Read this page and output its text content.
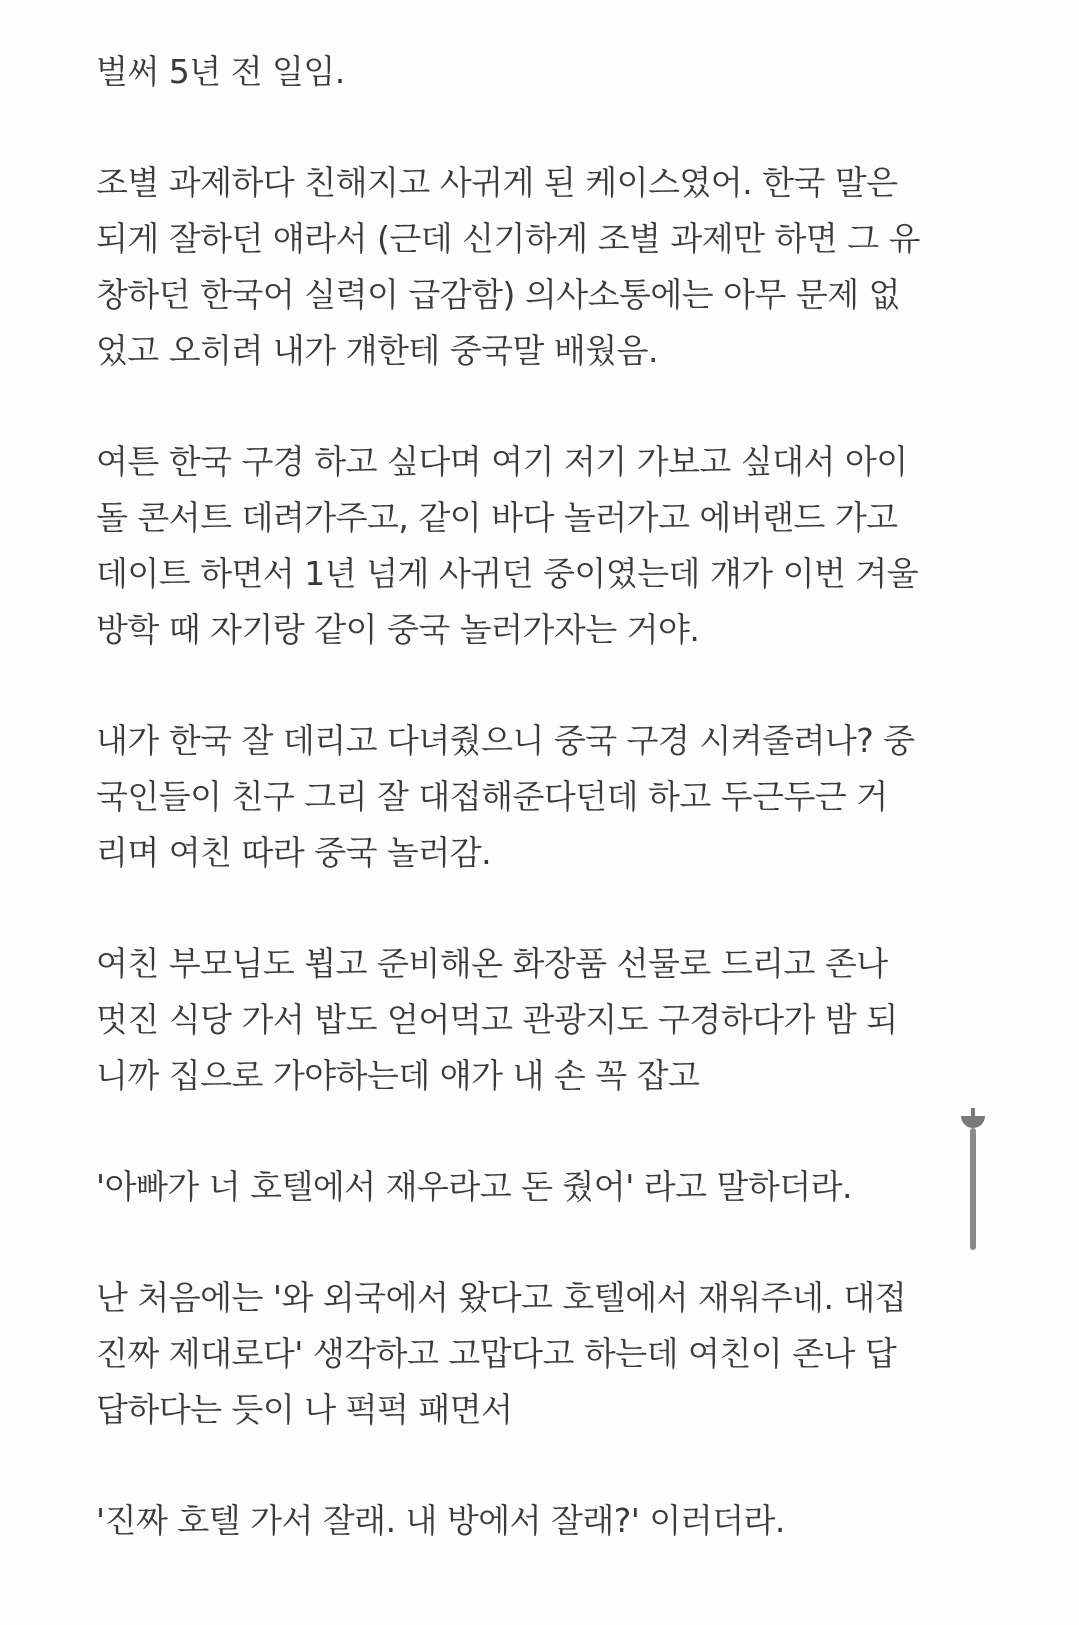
벌써 5년 전 일임.

조별 과제하다 친해지고 사귀게 된 케이스였어. 한국 말은
되게 잘하던 얘라서 (근데 신기하게 조별 과제만 하면 그 유
창하던 한국어 실력이 급감함) 의사소통에는 아무 문제 없
었고 오히려 내가 걔한테 중국말 배웠음.

여튼 한국 구경 하고 싶다며 여기 저기 가보고 싶대서 아이
돌 콘서트 데려가주고, 같이 바다 놀러가고 에버랜드 가고
데이트 하면서 1년 넘게 사귀던 중이였는데 걔가 이번 겨울
방학 때 자기랑 같이 중국 놀러가자는 거야.

내가 한국 잘 데리고 다녀줬으니 중국 구경 시켜줄려나? 중
국인들이 친구 그리 잘 대접해준다던데 하고 두근두근 거
리며 여친 따라 중국 놀러감.

여친 부모님도 뵙고 준비해온 화장품 선물로 드리고 존나
멋진 식당 가서 밥도 얻어먹고 관광지도 구경하다가 밤 되
니까 집으로 가야하는데 얘가 내 손 꼭 잡고

'아빠가 너 호텔에서 재우라고 돈 줬어' 라고 말하더라.

난 처음에는 '와 외국에서 왔다고 호텔에서 재워주네. 대접
진짜 제대로다' 생각하고 고맙다고 하는데 여친이 존나 답
답하다는 듯이 나 퍽퍽 패면서

'진짜 호텔 가서 잘래. 내 방에서 잘래?' 이러더라.
